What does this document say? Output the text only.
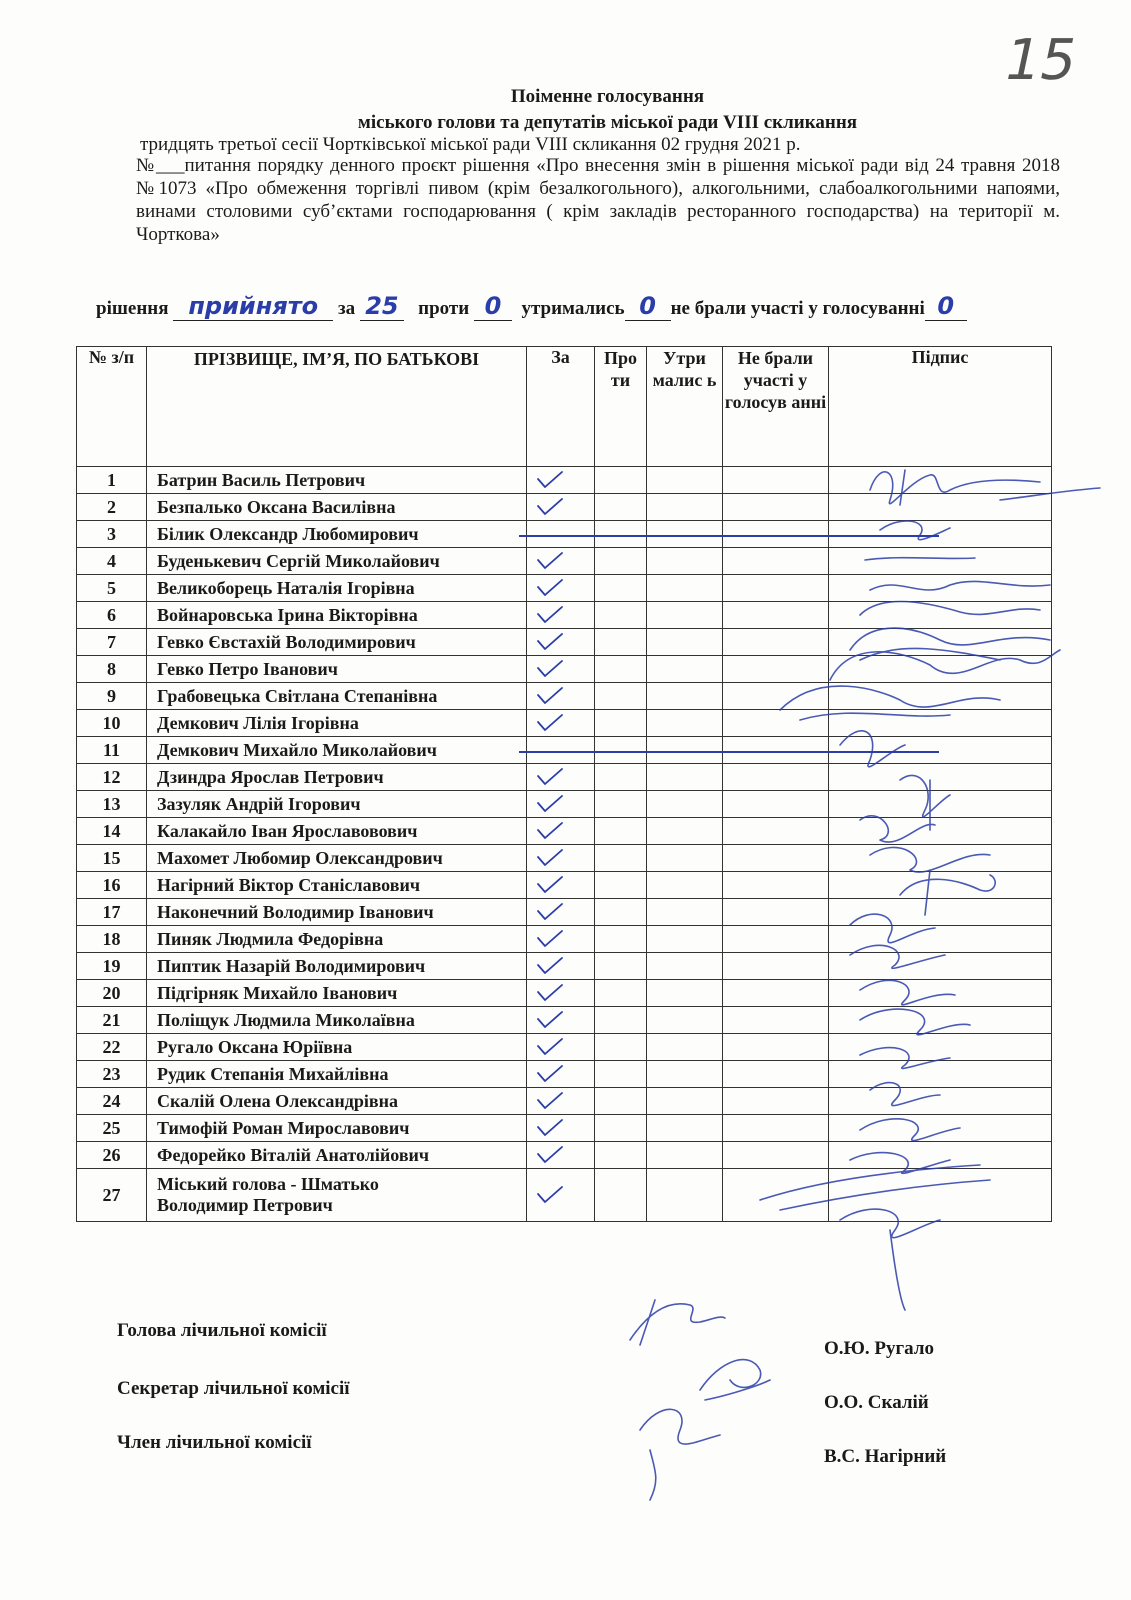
15
Поіменне голосування
міського голови та депутатів міської ради VIII скликання
тридцять третьої сесії Чортківської міської ради VIII скликання 02 грудня 2021 р.
№___питання порядку денного проєкт рішення «Про внесення змін в рішення міської ради від 24 травня 2018 №1073 «Про обмеження торгівлі пивом (крім безалкогольного), алкогольними, слабоалкогольними напоями, винами столовими суб’єктами господарювання ( крім закладів ресторанного господарства) на території м. Чорткова»
рішення прийнято за 25 проти 0 утримались 0 не брали участі у голосуванні 0
№ з/п	ПРІЗВИЩЕ, ІМ’Я, ПО БАТЬКОВІ	За	Про ти	Утри малис ь	Не брали участі у голосув анні	Підпис
1	Батрин Василь Петрович

2	Безпалько Оксана Василівна

3	Білик Олександр Любомирович					

4	Буденькевич Сергій Миколайович

5	Великоборець Наталія Ігорівна

6	Войнаровська Ірина Вікторівна

7	Гевко Євстахій Володимирович

8	Гевко Петро Іванович

9	Грабовецька Світлана Степанівна

10	Демкович Лілія Ігорівна

11	Демкович Михайло Миколайович					

12	Дзиндра Ярослав Петрович

13	Зазуляк Андрій Ігорович

14	Калакайло Іван Ярославовович

15	Махомет Любомир Олександрович

16	Нагірний Віктор Станіславович

17	Наконечний Володимир Іванович

18	Пиняк Людмила Федорівна

19	Пиптик Назарій Володимирович

20	Підгірняк Михайло Іванович

21	Поліщук Людмила Миколаївна

22	Ругало Оксана Юріївна

23	Рудик Степанія Михайлівна

24	Скалій Олена Олександрівна

25	Тимофій Роман Мирославович

26	Федорейко Віталій Анатолійович

27	Міський голова - Шматько
Володимир Петрович

Голова лічильної комісії
О.Ю. Ругало
Секретар лічильної комісії
О.О. Скалій
Член лічильної комісії
В.С. Нагірний
